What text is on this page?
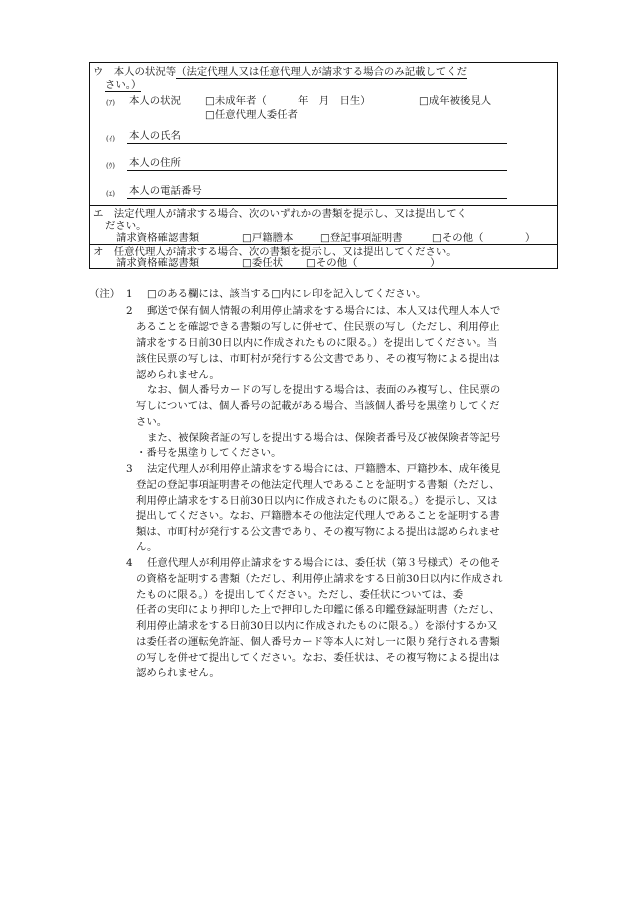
ウ　本人の状況等（法定代理人又は任意代理人が請求する場合のみ記載してくだ

さい。）

(ｱ) 本人の状況 □未成年者（　　　年　月　日生）	□成年被後見人
□任意代理人委任者
(ｲ) 本人の氏名
(ｳ) 本人の住所
(ｴ) 本人の電話番号

エ　法定代理人が請求する場合、次のいずれかの書類を提示し、又は提出してく

ださい。

請求資格確認書類	□戸籍謄本	□登記事項証明書	□その他（　　　　）

オ　任意代理人が請求する場合、次の書類を提示し、又は提出してください。

請求資格確認書類	□委任状 □その他（　　　　　　　）
（注） 1 □のある欄には、該当する□内にレ印を記入してください。
2 郵送で保有個人情報の利用停止請求をする場合には、本人又は代理人本人で

あることを確認できる書類の写しに併せて、住民票の写し（ただし、利用停止

請求をする日前30日以内に作成されたものに限る。）を提出してください。当

該住民票の写しは、市町村が発行する公文書であり、その複写物による提出は

認められません。

なお、個人番号カードの写しを提出する場合は、表面のみ複写し、住民票の

写しについては、個人番号の記載がある場合、当該個人番号を黒塗りしてくだ

さい。

また、被保険者証の写しを提出する場合は、保険者番号及び被保険者等記号

・番号を黒塗りしてください。

3 法定代理人が利用停止請求をする場合には、戸籍謄本、戸籍抄本、成年後見

登記の登記事項証明書その他法定代理人であることを証明する書類（ただし、

利用停止請求をする日前30日以内に作成されたものに限る。）を提示し、又は

提出してください。なお、戸籍謄本その他法定代理人であることを証明する書

類は、市町村が発行する公文書であり、その複写物による提出は認められませ

ん。

4 任意代理人が利用停止請求をする場合には、委任状（第３号様式）その他そ

の資格を証明する書類（ただし、利用停止請求をする日前30日以内に作成され

たものに限る。）を提出してください。ただし、委任状については、委

任者の実印により押印した上で押印した印鑑に係る印鑑登録証明書（ただし、

利用停止請求をする日前30日以内に作成されたものに限る。）を添付するか又

は委任者の運転免許証、個人番号カード等本人に対し一に限り発行される書類

の写しを併せて提出してください。なお、委任状は、その複写物による提出は

認められません。
